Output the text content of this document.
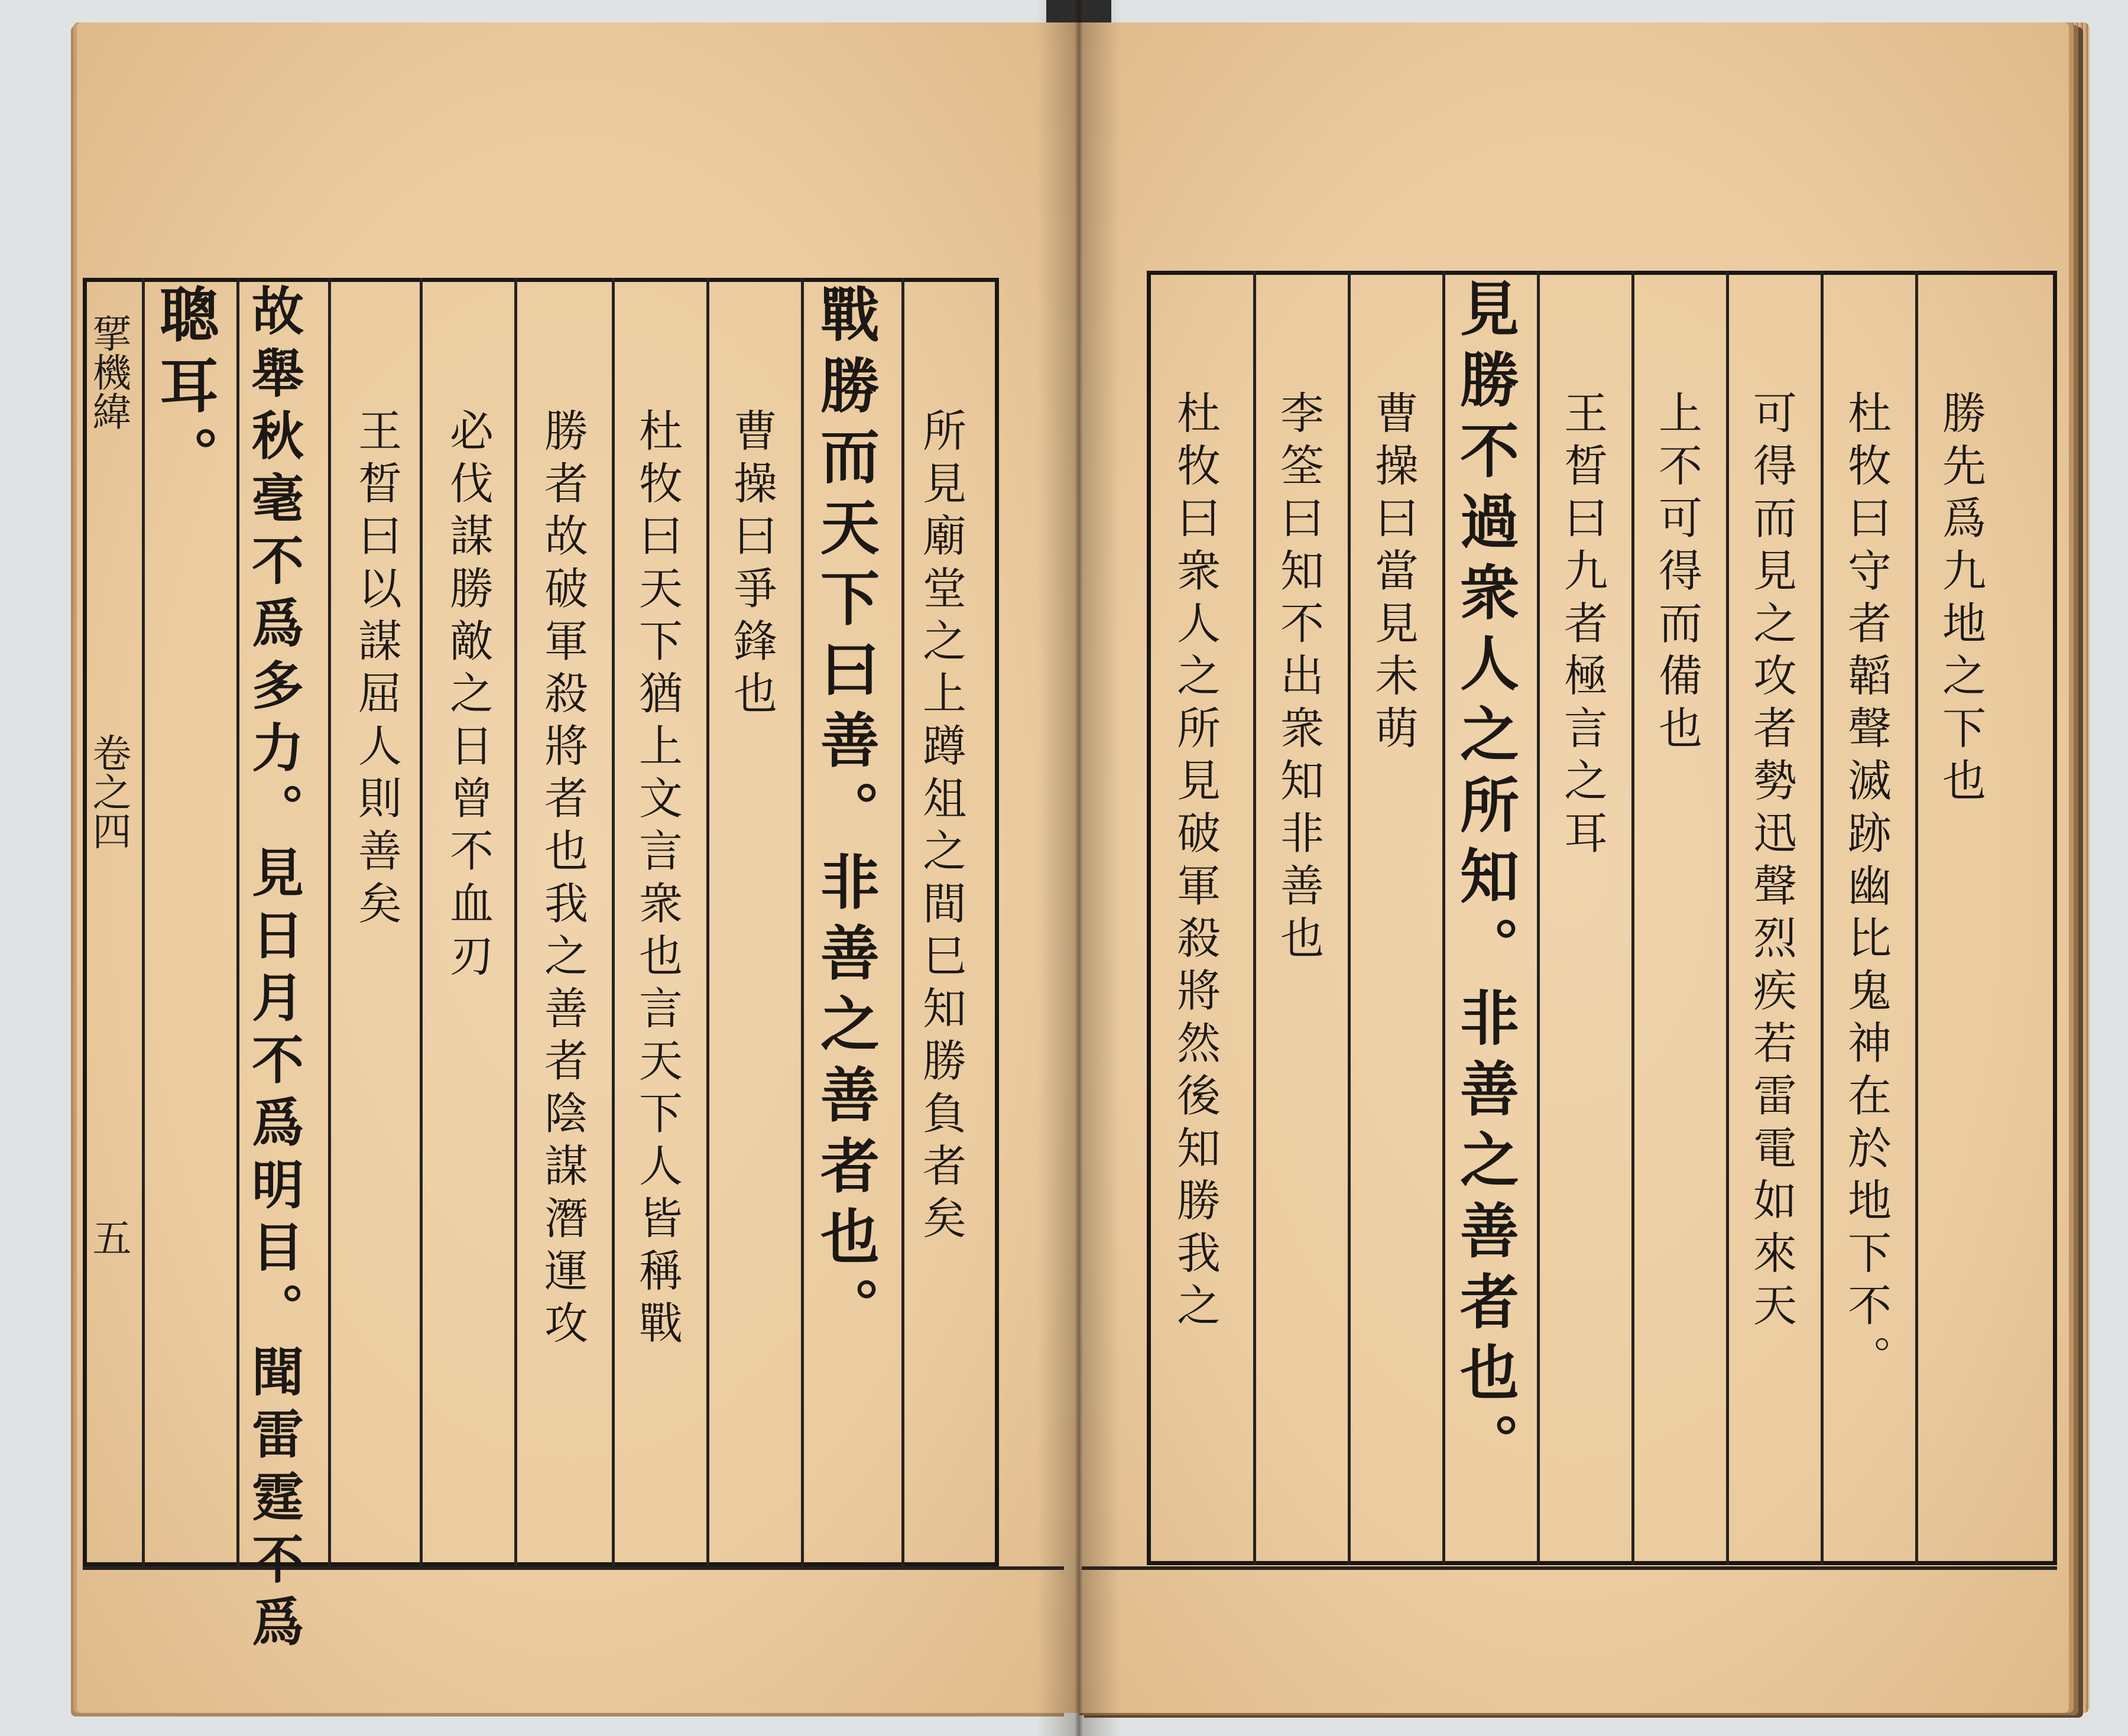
揅機緯
卷之四
五	所見廟堂之上蹲俎之間巳知勝負者矣
戰勝而天下曰善。非善之善者也。
曹操曰爭鋒也
杜牧曰天下猶上文言衆也言天下人皆稱戰
勝者故破軍殺將者也我之善者陰謀潛運攻
必伐謀勝敵之日曾不血刃
王晳曰以謀屈人則善矣
故舉秋毫不爲多力。見日月不爲明目。聞雷霆不爲
聰耳。	勝先爲九地之下也
杜牧曰守者韜聲滅跡幽比鬼神在於地下不。
可得而見之攻者勢迅聲烈疾若雷電如來天
上不可得而備也
王晳曰九者極言之耳
見勝不過衆人之所知。非善之善者也。
曹操曰當見未萌
李筌曰知不出衆知非善也
杜牧曰衆人之所見破軍殺將然後知勝我之
